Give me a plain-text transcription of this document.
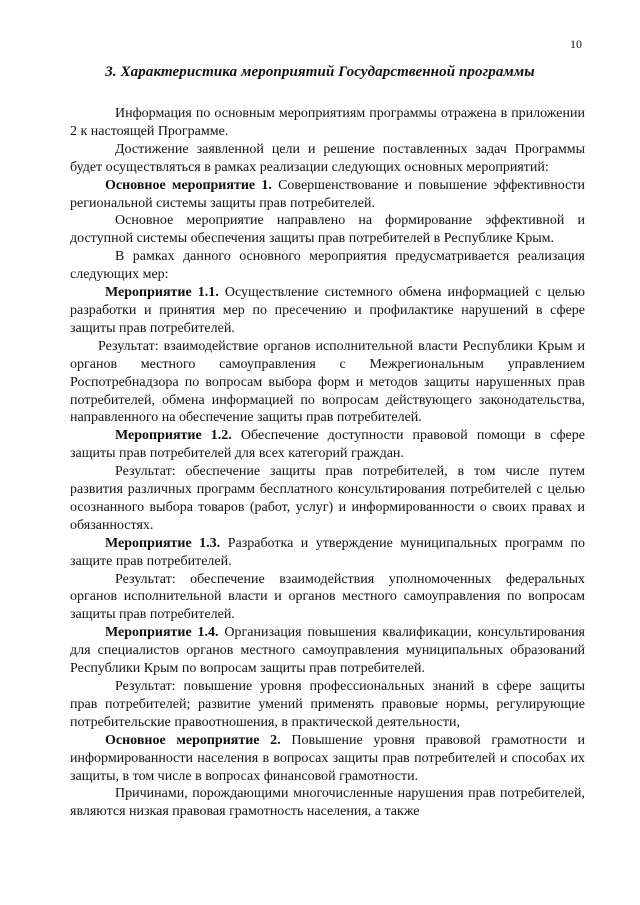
10
3. Характеристика мероприятий Государственной программы

Информация по основным мероприятиям программы отражена в приложении 2 к настоящей Программе.

Достижение заявленной цели и решение поставленных задач Программы будет осуществляться в рамках реализации следующих основных мероприятий:

Основное мероприятие 1. Совершенствование и повышение эффективности региональной системы защиты прав потребителей.

Основное мероприятие направлено на формирование эффективной и доступной системы обеспечения защиты прав потребителей в Республике Крым.

В рамках данного основного мероприятия предусматривается реализация следующих мер:

Мероприятие 1.1. Осуществление системного обмена информацией с целью разработки и принятия мер по пресечению и профилактике нарушений в сфере защиты прав потребителей.

Результат: взаимодействие органов исполнительной власти Республики Крым и органов местного самоуправления с Межрегиональным управлением Роспотребнадзора по вопросам выбора форм и методов защиты нарушенных прав потребителей, обмена информацией по вопросам действующего законодательства, направленного на обеспечение защиты прав потребителей.

Мероприятие 1.2. Обеспечение доступности правовой помощи в сфере защиты прав потребителей для всех категорий граждан.

Результат: обеспечение защиты прав потребителей, в том числе путем развития различных программ бесплатного консультирования потребителей с целью осознанного выбора товаров (работ, услуг) и информированности о своих правах и обязанностях.

Мероприятие 1.3. Разработка и утверждение муниципальных программ по защите прав потребителей.

Результат: обеспечение взаимодействия уполномоченных федеральных органов исполнительной власти и органов местного самоуправления по вопросам защиты прав потребителей.

Мероприятие 1.4. Организация повышения квалификации, консультирования для специалистов органов местного самоуправления муниципальных образований Республики Крым по вопросам защиты прав потребителей.

Результат: повышение уровня профессиональных знаний в сфере защиты прав потребителей; развитие умений применять правовые нормы, регулирующие потребительские правоотношения, в практической деятельности,

Основное мероприятие 2. Повышение уровня правовой грамотности и информированности населения в вопросах защиты прав потребителей и способах их защиты, в том числе в вопросах финансовой грамотности.

Причинами, порождающими многочисленные нарушения прав потребителей, являются низкая правовая грамотность населения, а также
